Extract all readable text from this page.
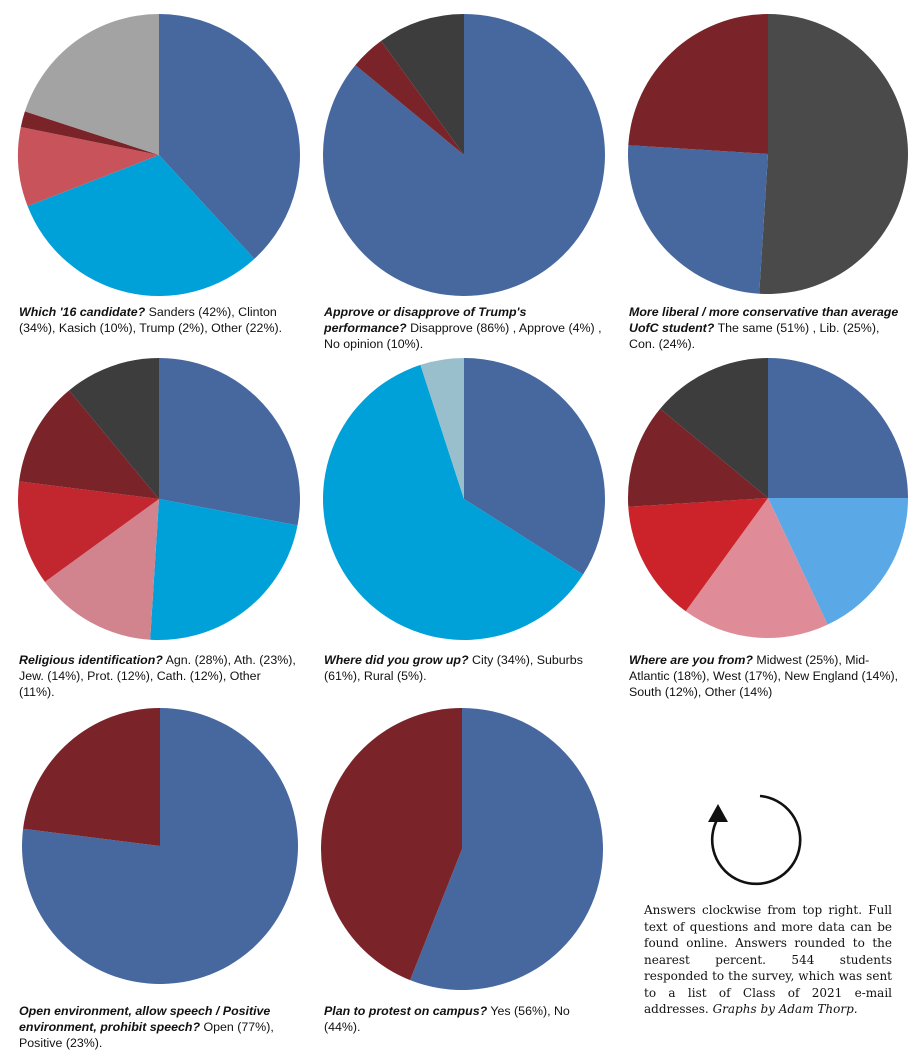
Which '16 candidate? Sanders (42%), Clinton (34%), Kasich (10%), Trump (2%), Other (22%).
Approve or disapprove of Trump's performance? Disapprove (86%) , Approve (4%) , No opinion (10%).
More liberal / more conservative than average UofC student? The same (51%) , Lib. (25%), Con. (24%).
Religious identification? Agn. (28%), Ath. (23%), Jew. (14%), Prot. (12%), Cath. (12%), Other (11%).
Where did you grow up? City (34%), Suburbs (61%), Rural (5%).
Where are you from? Midwest (25%), Mid-Atlantic (18%), West (17%), New England (14%), South (12%), Other (14%)
Open environment, allow speech / Positive environment, prohibit speech? Open (77%), Positive (23%).
Plan to protest on campus? Yes (56%), No (44%).
Answers clockwise from top right. Full text of questions and more data can be found online. Answers rounded to the nearest percent. 544 students responded to the survey, which was sent to a list of Class of 2021 e-mail addresses. Graphs by Adam Thorp.
